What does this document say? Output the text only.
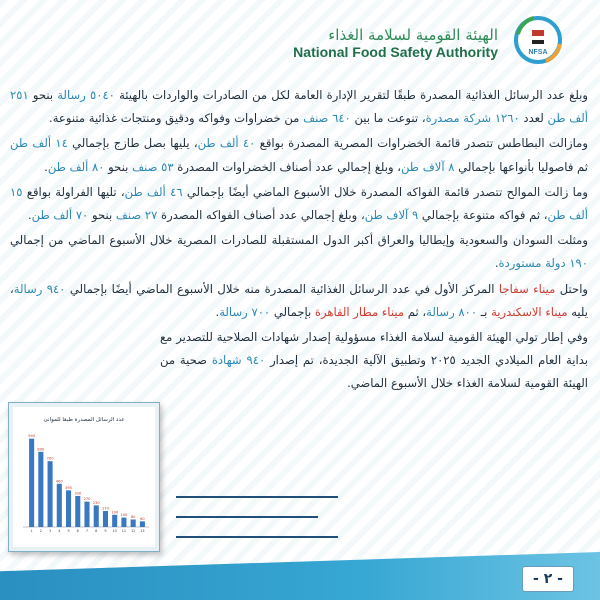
NFSA
الهيئة القومية لسلامة الغذاء
National Food Safety Authority

وبلغ عدد الرسائل الغذائية المصدرة طبقًا لتقرير الإدارة العامة لكل من الصادرات والواردات بالهيئة ٥٠٤٠ رسالة بنحو ٢٥١ ألف طن لعدد ١٢٦٠ شركة مصدرة، تنوعت ما بين ٦٤٠ صنف من خضراوات وفواكه ودقيق ومنتجات غذائية متنوعة.

ومازالت البطاطس تتصدر قائمة الخضراوات المصرية المصدرة بواقع ٤٠ ألف طن، يليها بصل طازج بإجمالي ١٤ ألف طن ثم فاصوليا بأنواعها بإجمالي ٨ آلاف طن، وبلغ إجمالي عدد أصناف الخضراوات المصدرة ٥٣ صنف بنحو ٨٠ ألف طن.

وما زالت الموالح تتصدر قائمة الفواكه المصدرة خلال الأسبوع الماضي أيضًا بإجمالي ٤٦ ألف طن، تليها الفراولة بواقع ١٥ ألف طن، ثم فواكه متنوعة بإجمالي ٩ آلاف طن، وبلغ إجمالي عدد أصناف الفواكه المصدرة ٢٧ صنف بنحو ٧٠ ألف طن.

ومثلت السودان والسعودية وإيطاليا والعراق أكبر الدول المستقبلة للصادرات المصرية خلال الأسبوع الماضي من إجمالي ١٩٠ دولة مستوردة.

واحتل ميناء سفاجا المركز الأول في عدد الرسائل الغذائية المصدرة منه خلال الأسبوع الماضي أيضًا بإجمالي ٩٤٠ رسالة، يليه ميناء الاسكندرية بـ ٨٠٠ رسالة، ثم ميناء مطار القاهرة بإجمالي ٧٠٠ رسالة.

وفي إطار تولي الهيئة القومية لسلامة الغذاء مسؤولية إصدار شهادات الصلاحية للتصدير مع بداية العام الميلادي الجديد ٢٠٢٥ وتطبيق الآلية الجديدة، تم إصدار ٩٤٠ شهادة صحية من الهيئة القومية لسلامة الغذاء خلال الأسبوع الماضي.

عدد الرسائل المصدرة طبقا للموانئ
940
1
800
2
700
3
460
4
390
5
330
6
270
7
230
8
170
9
130
10
100
11
80
12
60
13
- ٢ -
